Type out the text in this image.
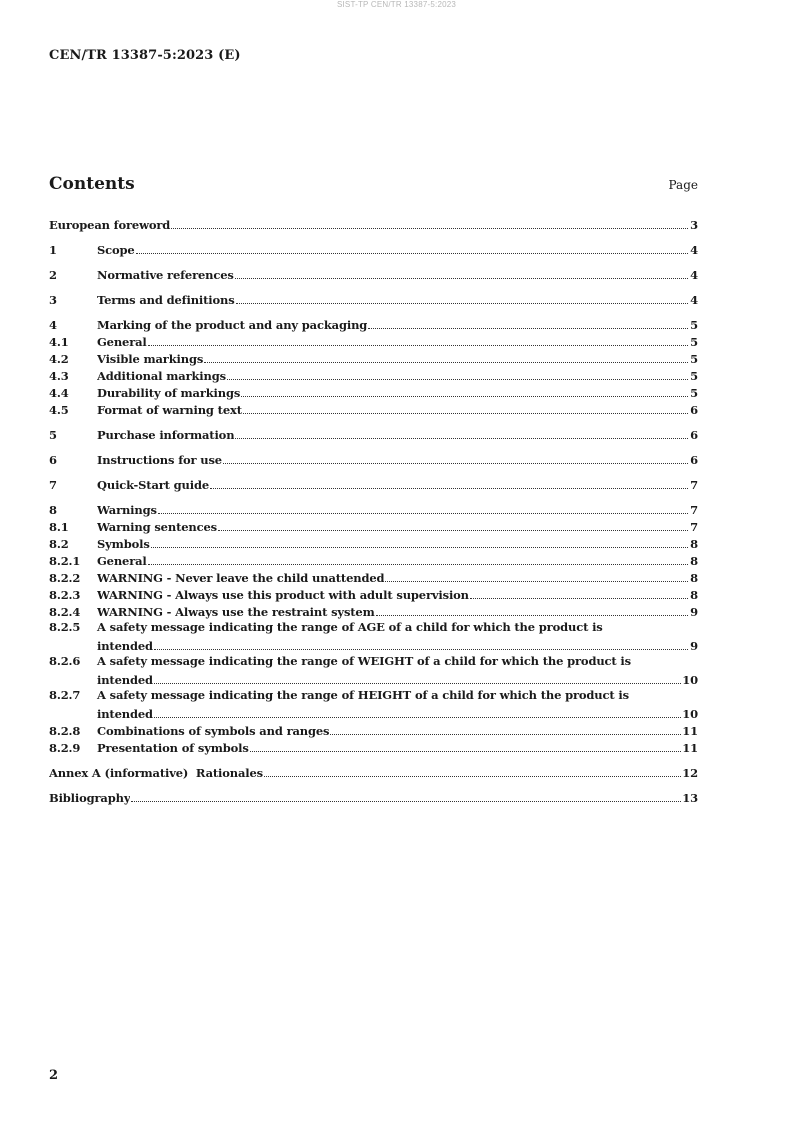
SIST-TP CEN/TR 13387-5:2023
CEN/TR 13387-5:2023 (E)
Contents	Page
European foreword	3
1	Scope	4
2	Normative references	4
3	Terms and definitions	4
4	Marking of the product and any packaging	5
4.1	General	5
4.2	Visible markings	5
4.3	Additional markings	5
4.4	Durability of markings	5
4.5	Format of warning text	6
5	Purchase information	6
6	Instructions for use	6
7	Quick-Start guide	7
8	Warnings	7
8.1	Warning sentences	7
8.2	Symbols	8
8.2.1	General	8
8.2.2	WARNING - Never leave the child unattended	8
8.2.3	WARNING - Always use this product with adult supervision	8
8.2.4	WARNING - Always use the restraint system	9
8.2.5	A safety message indicating the range of AGE of a child for which the product is
intended	9
8.2.6	A safety message indicating the range of WEIGHT of a child for which the product is
intended	10
8.2.7	A safety message indicating the range of HEIGHT of a child for which the product is
intended	10
8.2.8	Combinations of symbols and ranges	11
8.2.9	Presentation of symbols	11
Annex A (informative)  Rationales	12
Bibliography	13
2
